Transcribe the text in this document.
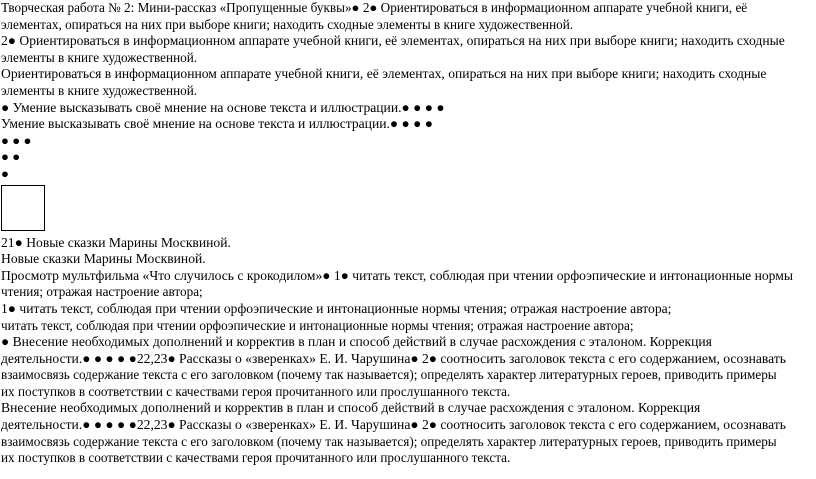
Творческая работа № 2: Мини-рассказ «Пропущенные буквы»● 2● Ориентироваться в информационном аппарате учебной книги, её
элементах, опираться на них при выборе книги; находить сходные элементы в книге художественной.
2● Ориентироваться в информационном аппарате учебной книги, её элементах, опираться на них при выборе книги; находить сходные
элементы в книге художественной.
Ориентироваться в информационном аппарате учебной книги, её элементах, опираться на них при выборе книги; находить сходные
элементы в книге художественной.
● Умение высказывать своё мнение на основе текста и иллюстрации.● ● ● ●
Умение высказывать своё мнение на основе текста и иллюстрации.● ● ● ●
● ● ●
● ●
●
21● Новые сказки Марины Москвиной.
Новые сказки Марины Москвиной.
Просмотр мультфильма «Что случилось с крокодилом»● 1● читать текст, соблюдая при чтении орфоэпические и интонационные нормы
чтения; отражая настроение автора;
1● читать текст, соблюдая при чтении орфоэпические и интонационные нормы чтения; отражая настроение автора;
читать текст, соблюдая при чтении орфоэпические и интонационные нормы чтения; отражая настроение автора;
● Внесение необходимых дополнений и корректив в план и способ действий в случае расхождения с эталоном. Коррекция
деятельности.● ● ● ● ●22,23● Рассказы о «зверенках» Е. И. Чарушина● 2● соотносить заголовок текста с его содержанием, осознавать
взаимосвязь содержание текста с его заголовком (почему так называется); определять характер литературных героев, приводить примеры
их поступков в соответствии с качествами героя прочитанного или прослушанного текста.
Внесение необходимых дополнений и корректив в план и способ действий в случае расхождения с эталоном. Коррекция
деятельности.● ● ● ● ●22,23● Рассказы о «зверенках» Е. И. Чарушина● 2● соотносить заголовок текста с его содержанием, осознавать
взаимосвязь содержание текста с его заголовком (почему так называется); определять характер литературных героев, приводить примеры
их поступков в соответствии с качествами героя прочитанного или прослушанного текста.
